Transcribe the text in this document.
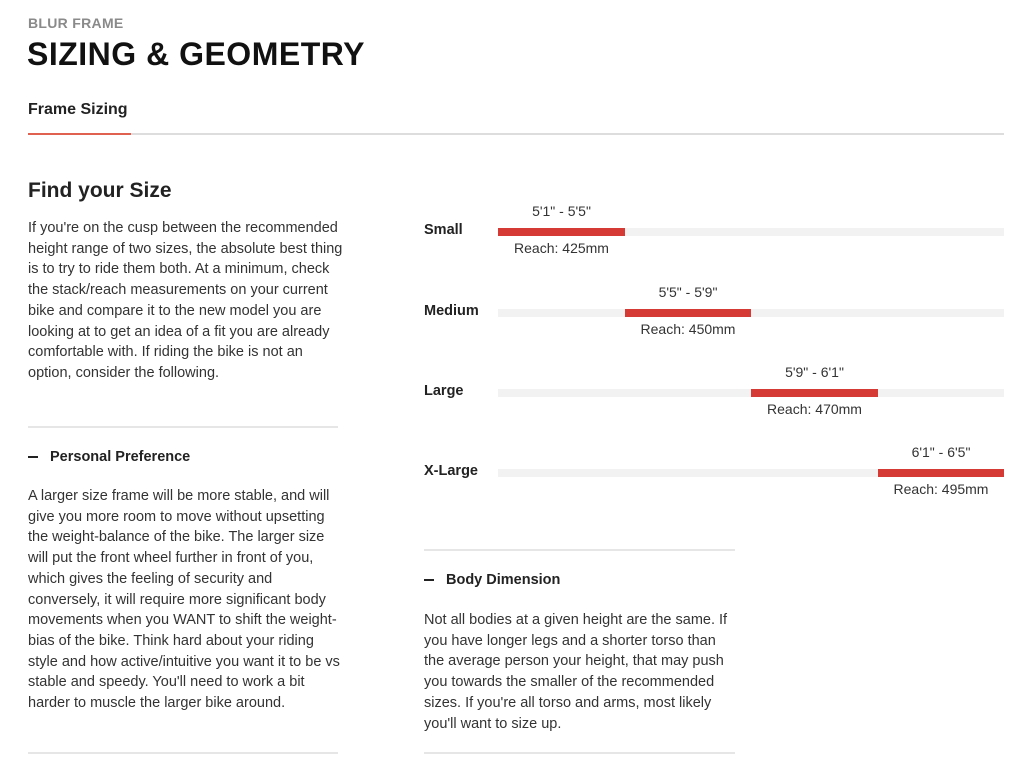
BLUR FRAME
SIZING & GEOMETRY
Frame Sizing
Find your Size

If you're on the cusp between the recommended height range of two sizes, the absolute best thing is to try to ride them both. At a minimum, check the stack/reach measurements on your current bike and compare it to the new model you are looking at to get an idea of a fit you are already comfortable with. If riding the bike is not an option, consider the following.

Personal Preference

A larger size frame will be more stable, and will give you more room to move without upsetting the weight-balance of the bike. The larger size will put the front wheel further in front of you, which gives the feeling of security and conversely, it will require more significant body movements when you WANT to shift the weight-bias of the bike. Think hard about your riding style and how active/intuitive you want it to be vs stable and speedy. You'll need to work a bit harder to muscle the larger bike around.

Small
5'1" - 5'5"
Reach: 425mm
Medium
5'5" - 5'9"
Reach: 450mm
Large
5'9" - 6'1"
Reach: 470mm
X-Large
6'1" - 6'5"
Reach: 495mm
Body Dimension

Not all bodies at a given height are the same. If you have longer legs and a shorter torso than the average person your height, that may push you towards the smaller of the recommended sizes. If you're all torso and arms, most likely you'll want to size up.
